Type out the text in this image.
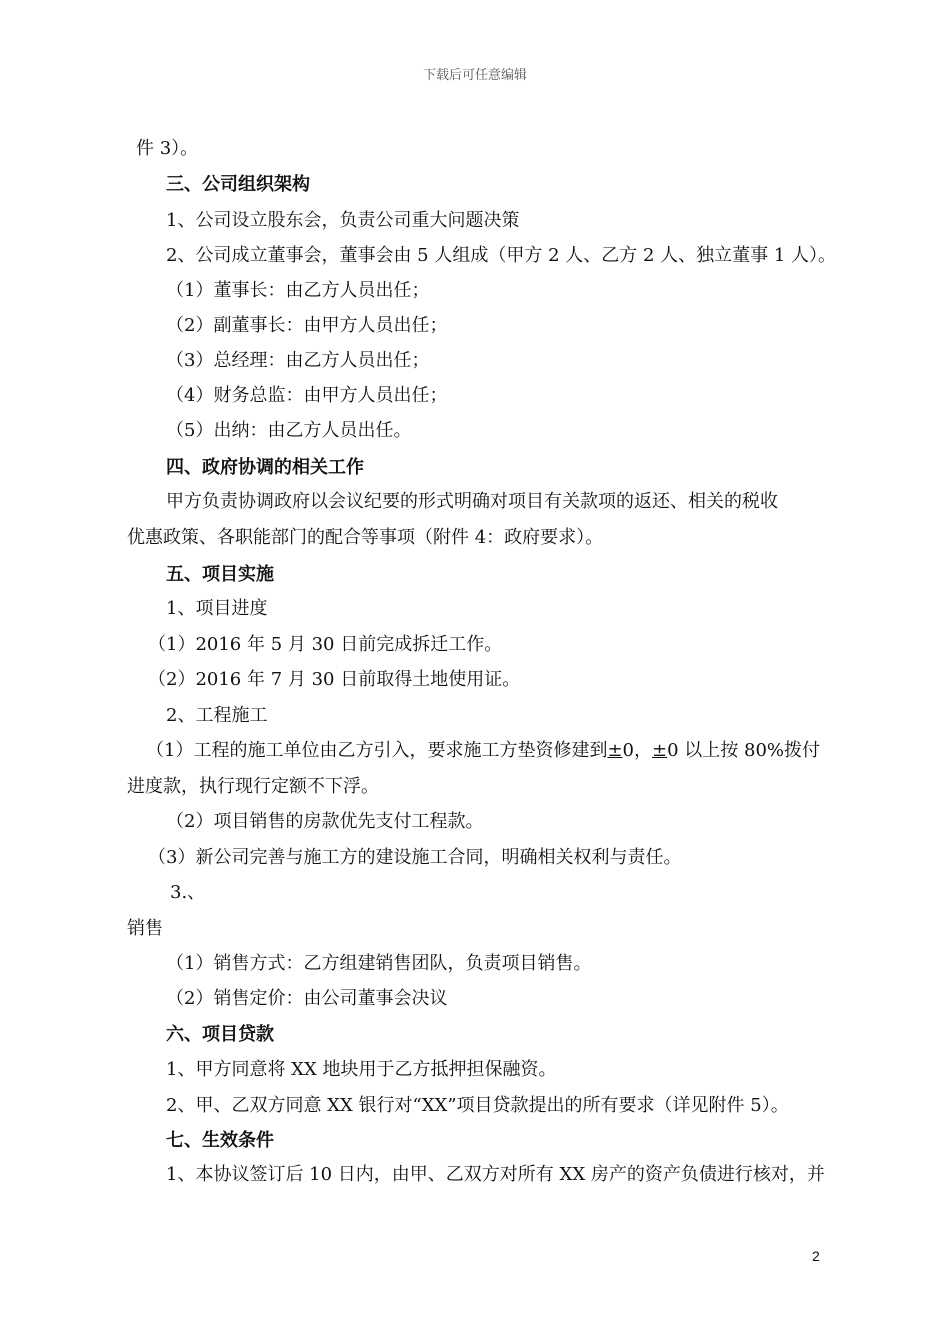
下载后可任意编辑
件 3）。
三、公司组织架构
1、公司设立股东会，负责公司重大问题决策
2、公司成立董事会，董事会由 5 人组成（甲方 2 人、乙方 2 人、独立董事 1 人）。
（1）董事长：由乙方人员出任；
（2）副董事长：由甲方人员出任；
（3）总经理：由乙方人员出任；
（4）财务总监：由甲方人员出任；
（5）出纳：由乙方人员出任。
四、政府协调的相关工作
甲方负责协调政府以会议纪要的形式明确对项目有关款项的返还、相关的税收
优惠政策、各职能部门的配合等事项（附件 4：政府要求）。
五、项目实施
1、项目进度
（1）2016 年 5 月 30 日前完成拆迁工作。
（2）2016 年 7 月 30 日前取得土地使用证。
2、工程施工
（1）工程的施工单位由乙方引入，要求施工方垫资修建到±0，±0 以上按 80%拨付
进度款，执行现行定额不下浮。
（2）项目销售的房款优先支付工程款。
（3）新公司完善与施工方的建设施工合同，明确相关权利与责任。
3.、
销售
（1）销售方式：乙方组建销售团队，负责项目销售。
（2）销售定价：由公司董事会决议
六、项目贷款
1、甲方同意将 XX 地块用于乙方抵押担保融资。
2、甲、乙双方同意 XX 银行对“XX”项目贷款提出的所有要求（详见附件 5）。
七、生效条件
1、本协议签订后 10 日内，由甲、乙双方对所有 XX 房产的资产负债进行核对，并
2
